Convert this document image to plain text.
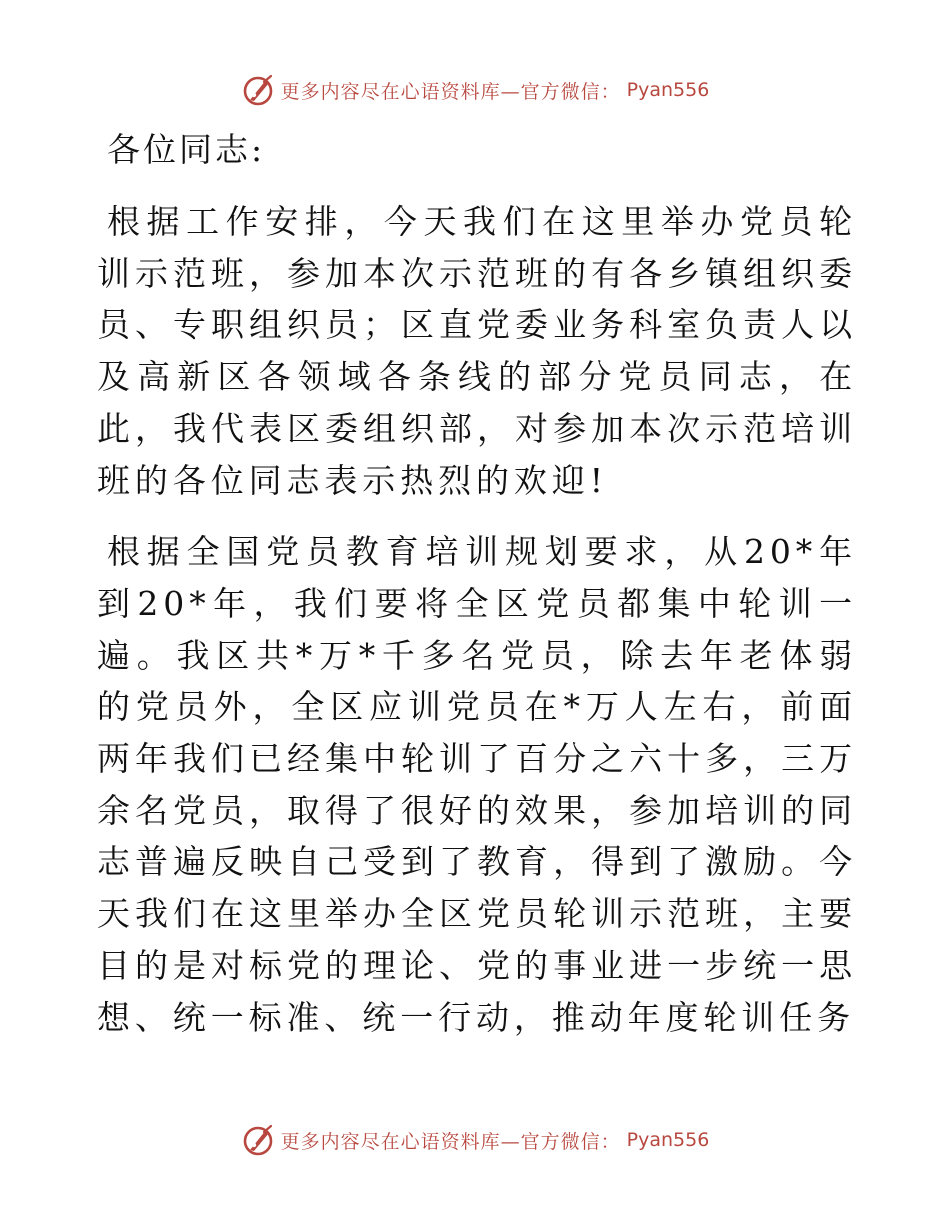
更多内容尽在心语资料库—官方微信： Pyan556
各位同志:

根据工作安排，今天我们在这里举办党员轮训示范班，参加本次示范班的有各乡镇组织委员、专职组织员；区直党委业务科室负责人以及高新区各领域各条线的部分党员同志，在此，我代表区委组织部，对参加本次示范培训班的各位同志表示热烈的欢迎!

根据全国党员教育培训规划要求，从20*年到20*年，我们要将全区党员都集中轮训一遍。我区共*万*千多名党员，除去年老体弱的党员外，全区应训党员在*万人左右，前面两年我们已经集中轮训了百分之六十多，三万余名党员，取得了很好的效果，参加培训的同志普遍反映自己受到了教育，得到了激励。今天我们在这里举办全区党员轮训示范班，主要目的是对标党的理论、党的事业进一步统一思想、统一标准、统一行动，推动年度轮训任务

更多内容尽在心语资料库—官方微信： Pyan556
